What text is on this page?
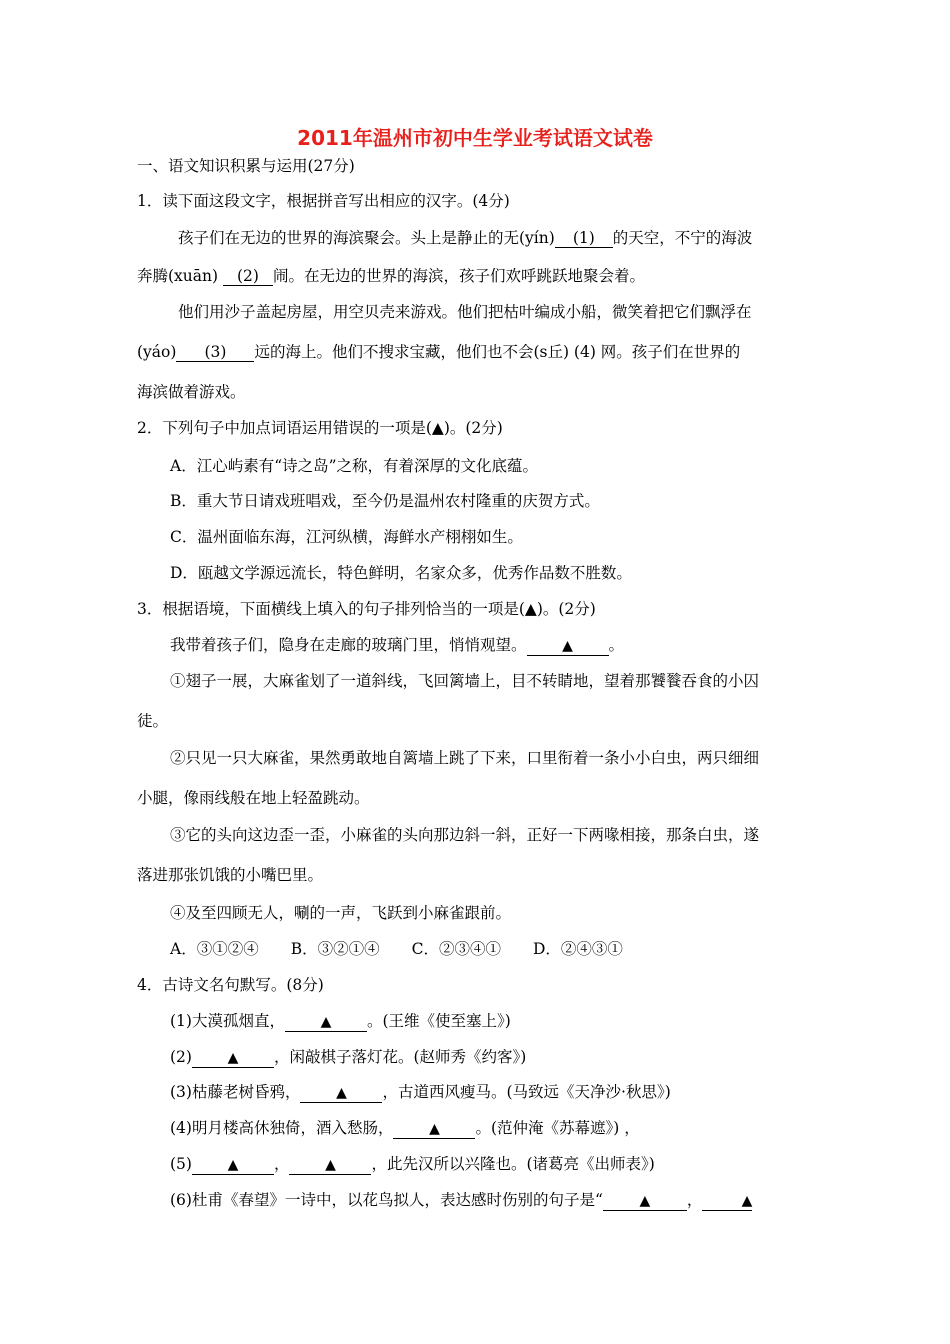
2011年温州市初中生学业考试语文试卷
一、语文知识积累与运用(27分)
1．读下面这段文字，根据拼音写出相应的汉字。(4分)
孩子们在无边的世界的海滨聚会。头上是静止的无(yín) (1) 的天空，不宁的海波
奔腾(xuān) (2) 闹。在无边的世界的海滨，孩子们欢呼跳跃地聚会着。
他们用沙子盖起房屋，用空贝壳来游戏。他们把枯叶编成小船，微笑着把它们飘浮在
(yáo) (3) 远的海上。他们不搜求宝藏，他们也不会(s丘) (4) 网。孩子们在世界的
海滨做着游戏。
2．下列句子中加点词语运用错误的一项是(▲)。(2分)
A．江心屿素有“诗之岛”之称，有着深厚的文化底蕴。
B．重大节日请戏班唱戏，至今仍是温州农村隆重的庆贺方式。
C．温州面临东海，江河纵横，海鲜水产栩栩如生。
D．瓯越文学源远流长，特色鲜明，名家众多，优秀作品数不胜数。
3．根据语境，下面横线上填入的句子排列恰当的一项是(▲)。(2分)
我带着孩子们，隐身在走廊的玻璃门里，悄悄观望。	▲ 。
①翅子一展，大麻雀划了一道斜线，飞回篱墙上，目不转睛地，望着那饕餮吞食的小囚
徒。
②只见一只大麻雀，果然勇敢地自篱墙上跳了下来，口里衔着一条小小白虫，两只细细
小腿，像雨线般在地上轻盈跳动。
③它的头向这边歪一歪，小麻雀的头向那边斜一斜，正好一下两喙相接，那条白虫，遂
落进那张饥饿的小嘴巴里。
④及至四顾无人，唰的一声，飞跃到小麻雀跟前。
A．③①②④ B．③②①④ C．②③④① D．②④③①
4．古诗文名句默写。(8分)
(1)大漠孤烟直，	▲ 。(王维《使至塞上》)
(2)	▲ ，闲敲棋子落灯花。(赵师秀《约客》)
(3)枯藤老树昏鸦，	▲ ，古道西风瘦马。(马致远《天净沙·秋思》)
(4)明月楼高休独倚，酒入愁肠，	▲ 。(范仲淹《苏幕遮》) ，
(5)	▲ ，	▲ ，此先汉所以兴隆也。(诸葛亮《出师表》)
(6)杜甫《春望》一诗中，以花鸟拟人，表达感时伤别的句子是“	▲ ，	▲
